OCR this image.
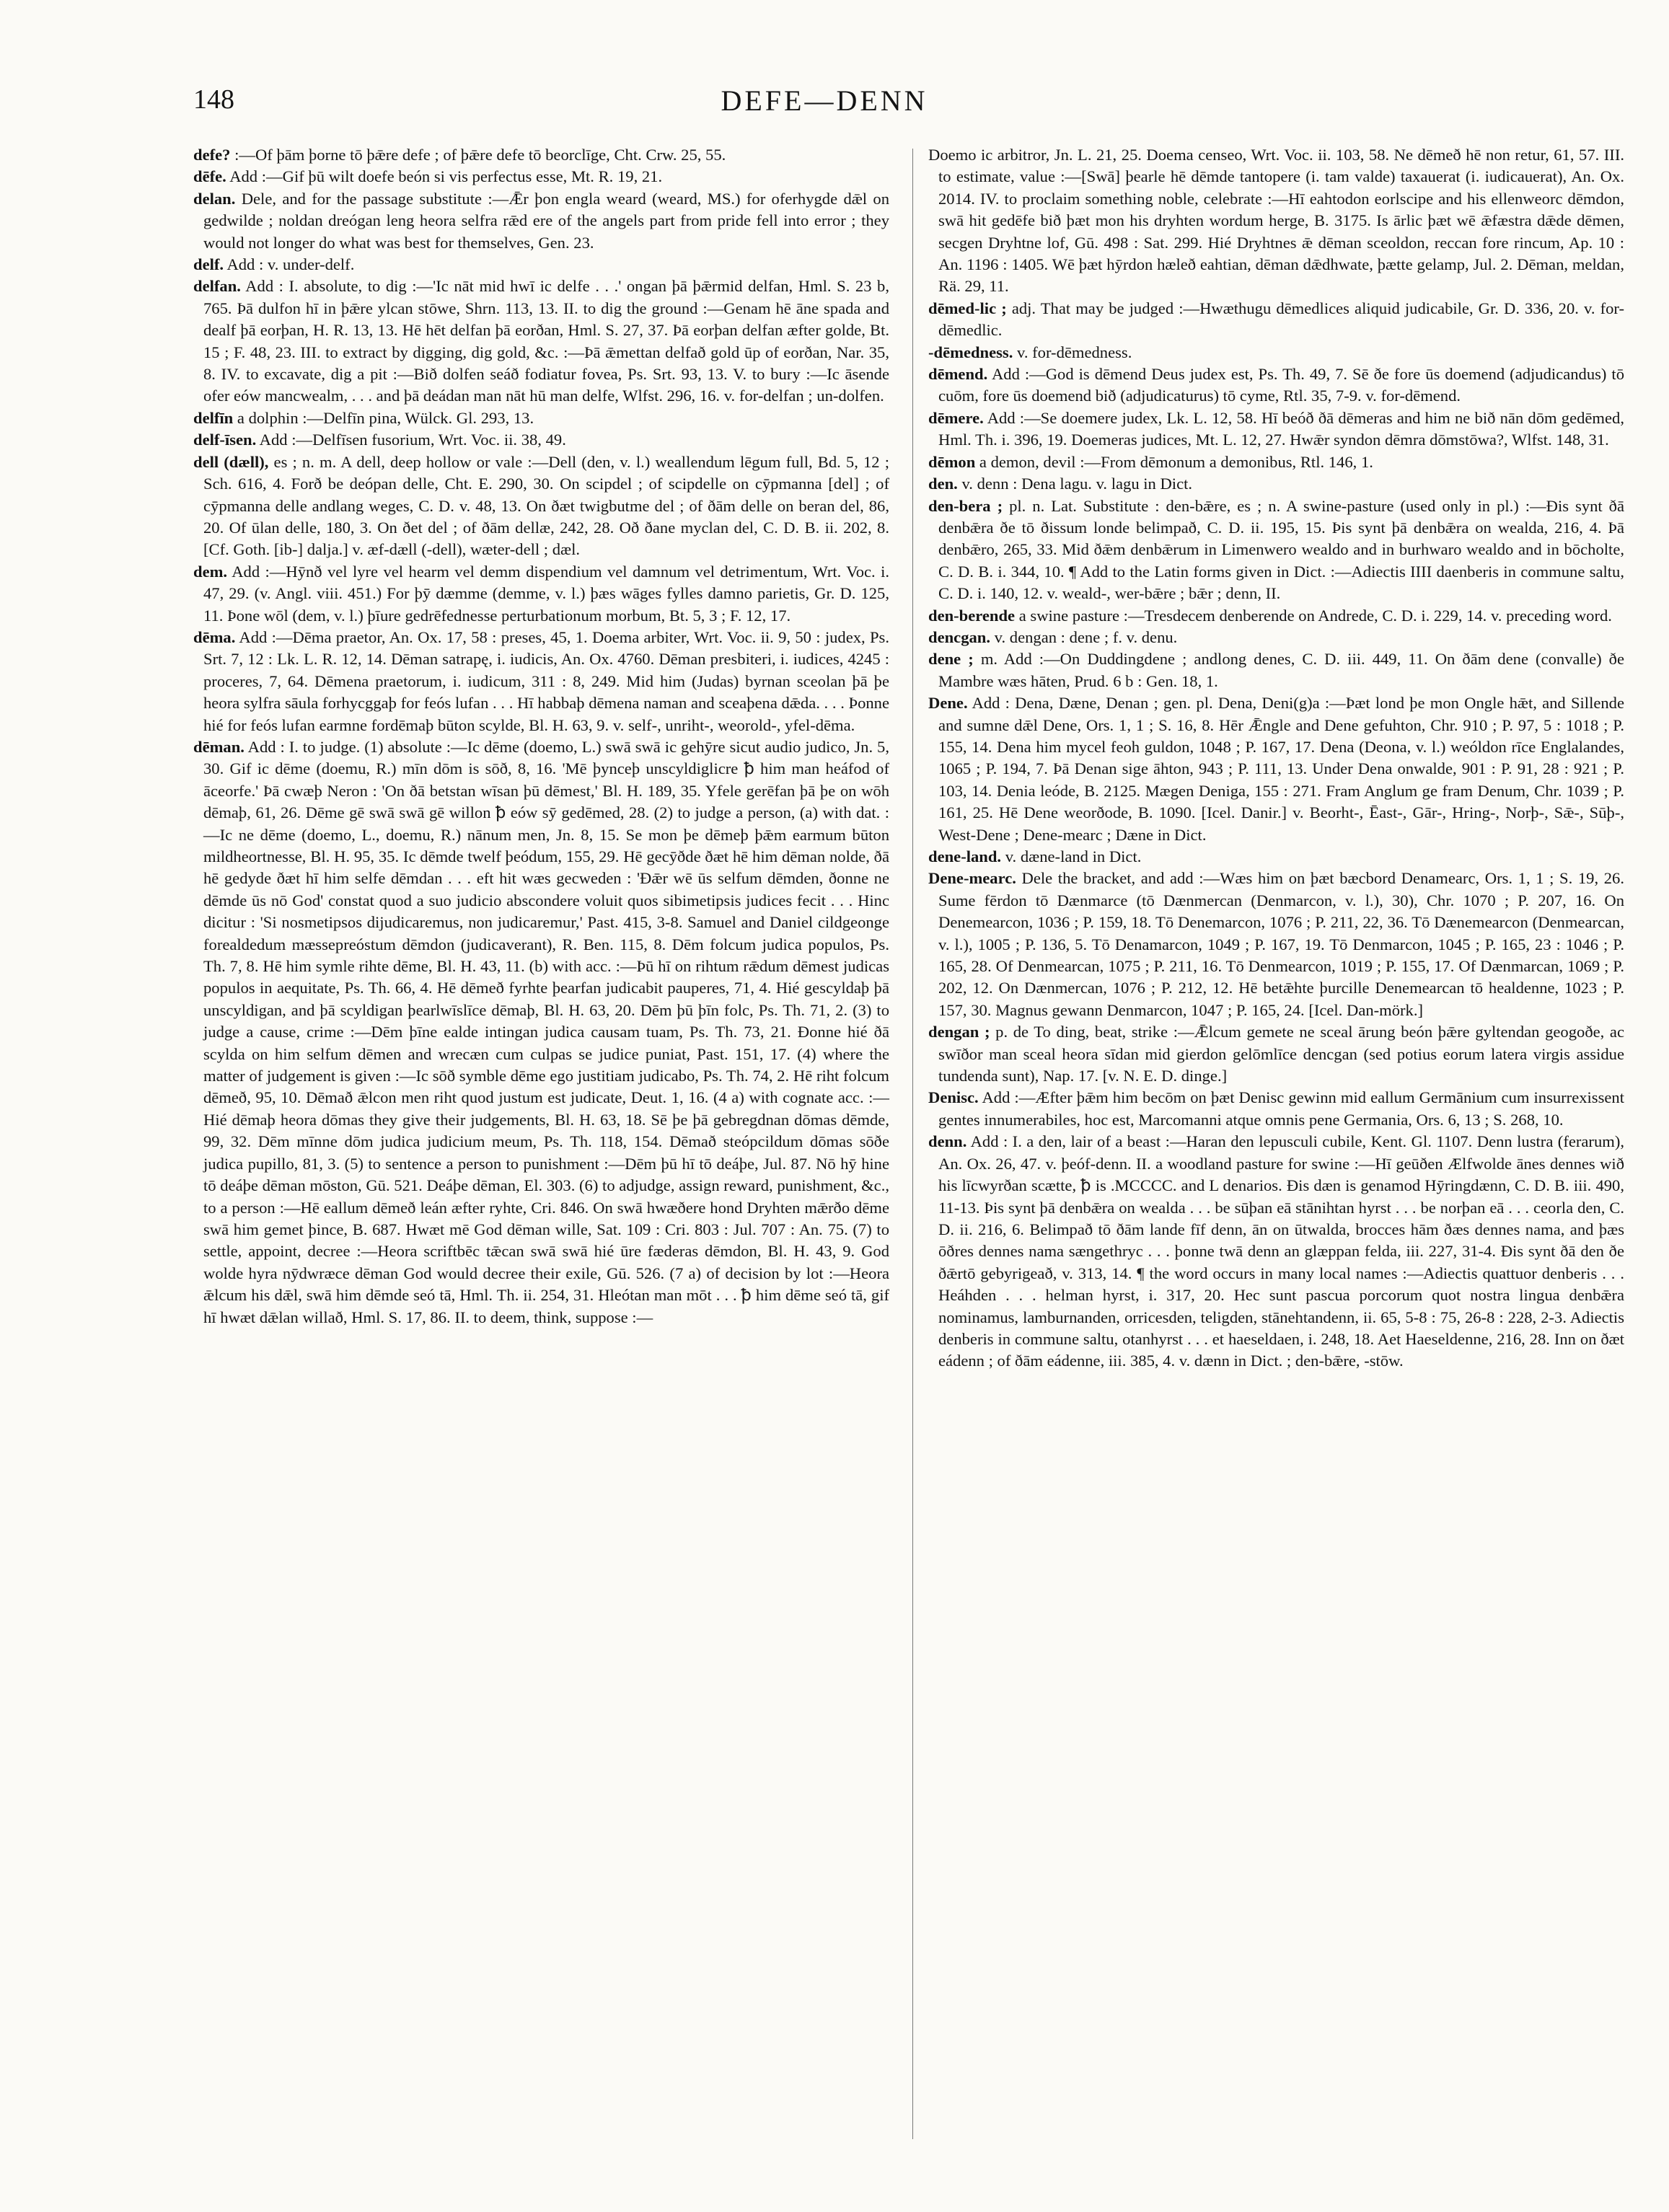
148	DEFE—DENN

defe? :—Of þām þorne tō þǣre defe ; of þǣre defe tō beorclīge, Cht. Crw. 25, 55.

dēfe. Add :—Gif þū wilt doefe beón si vis perfectus esse, Mt. R. 19, 21.

delan. Dele, and for the passage substitute :—Ǣr þon engla weard (weard, MS.) for oferhygde dǣl on gedwilde ; noldan dreógan leng heora selfra rǣd ere of the angels part from pride fell into error ; they would not longer do what was best for themselves, Gen. 23.

delf. Add : v. under-delf.

delfan. Add : I. absolute, to dig :—'Ic nāt mid hwī ic delfe . . .' ongan þā þǣrmid delfan, Hml. S. 23 b, 765. Þā dulfon hī in þǣre ylcan stōwe, Shrn. 113, 13. II. to dig the ground :—Genam hē āne spada and dealf þā eorþan, H. R. 13, 13. Hē hēt delfan þā eorðan, Hml. S. 27, 37. Þā eorþan delfan æfter golde, Bt. 15 ; F. 48, 23. III. to extract by digging, dig gold, &c. :—Þā ǣmettan delfað gold ūp of eorðan, Nar. 35, 8. IV. to excavate, dig a pit :—Bið dolfen seáð fodiatur fovea, Ps. Srt. 93, 13. V. to bury :—Ic āsende ofer eów mancwealm, . . . and þā deádan man nāt hū man delfe, Wlfst. 296, 16. v. for-delfan ; un-dolfen.

delfīn a dolphin :—Delfīn pina, Wülck. Gl. 293, 13.

delf-īsen. Add :—Delfīsen fusorium, Wrt. Voc. ii. 38, 49.

dell (dæll), es ; n. m. A dell, deep hollow or vale :—Dell (den, v. l.) weallendum lēgum full, Bd. 5, 12 ; Sch. 616, 4. Forð be deópan delle, Cht. E. 290, 30. On scipdel ; of scipdelle on cȳpmanna [del] ; of cȳpmanna delle andlang weges, C. D. v. 48, 13. On ðæt twigbutme del ; of ðām delle on beran del, 86, 20. Of ūlan delle, 180, 3. On ðet del ; of ðām dellæ, 242, 28. Oð ðane myclan del, C. D. B. ii. 202, 8. [Cf. Goth. [ib-] dalja.] v. æf-dæll (-dell), wæter-dell ; dæl.

dem. Add :—Hȳnð vel lyre vel hearm vel demm dispendium vel damnum vel detrimentum, Wrt. Voc. i. 47, 29. (v. Angl. viii. 451.) For þȳ dæmme (demme, v. l.) þæs wāges fylles damno parietis, Gr. D. 125, 11. Þone wōl (dem, v. l.) þīure gedrēfednesse perturbationum morbum, Bt. 5, 3 ; F. 12, 17.

dēma. Add :—Dēma praetor, An. Ox. 17, 58 : preses, 45, 1. Doema arbiter, Wrt. Voc. ii. 9, 50 : judex, Ps. Srt. 7, 12 : Lk. L. R. 12, 14. Dēman satrapę, i. iudicis, An. Ox. 4760. Dēman presbiteri, i. iudices, 4245 : proceres, 7, 64. Dēmena praetorum, i. iudicum, 311 : 8, 249. Mid him (Judas) byrnan sceolan þā þe heora sylfra sāula forhycggaþ for feós lufan . . . Hī habbaþ dēmena naman and sceaþena dǣda. . . . Þonne hié for feós lufan earmne fordēmaþ būton scylde, Bl. H. 63, 9. v. self-, unriht-, weorold-, yfel-dēma.

dēman. Add : I. to judge. (1) absolute :—Ic dēme (doemo, L.) swā swā ic gehȳre sicut audio judico, Jn. 5, 30. Gif ic dēme (doemu, R.) mīn dōm is sōð, 8, 16. 'Mē þynceþ unscyldiglicre ꝥ him man heáfod of āceorfe.' Þā cwæþ Neron : 'On ðā betstan wīsan þū dēmest,' Bl. H. 189, 35. Yfele gerēfan þā þe on wōh dēmaþ, 61, 26. Dēme gē swā swā gē willon ꝥ eów sȳ gedēmed, 28. (2) to judge a person, (a) with dat. :—Ic ne dēme (doemo, L., doemu, R.) nānum men, Jn. 8, 15. Se mon þe dēmeþ þǣm earmum būton mildheortnesse, Bl. H. 95, 35. Ic dēmde twelf þeódum, 155, 29. Hē gecȳðde ðæt hē him dēman nolde, ðā hē gedyde ðæt hī him selfe dēmdan . . . eft hit wæs gecweden : 'Ðǣr wē ūs selfum dēmden, ðonne ne dēmde ūs nō God' constat quod a suo judicio abscondere voluit quos sibimetipsis judices fecit . . . Hinc dicitur : 'Si nosmetipsos dijudicaremus, non judicaremur,' Past. 415, 3-8. Samuel and Daniel cildgeonge forealdedum mæssepreóstum dēmdon (judicaverant), R. Ben. 115, 8. Dēm folcum judica populos, Ps. Th. 7, 8. Hē him symle rihte dēme, Bl. H. 43, 11. (b) with acc. :—Þū hī on rihtum rǣdum dēmest judicas populos in aequitate, Ps. Th. 66, 4. Hē dēmeð fyrhte þearfan judicabit pauperes, 71, 4. Hié gescyldaþ þā unscyldigan, and þā scyldigan þearlwīslīce dēmaþ, Bl. H. 63, 20. Dēm þū þīn folc, Ps. Th. 71, 2. (3) to judge a cause, crime :—Dēm þīne ealde intingan judica causam tuam, Ps. Th. 73, 21. Ðonne hié ðā scylda on him selfum dēmen and wrecæn cum culpas se judice puniat, Past. 151, 17. (4) where the matter of judgement is given :—Ic sōð symble dēme ego justitiam judicabo, Ps. Th. 74, 2. Hē riht folcum dēmeð, 95, 10. Dēmað ǣlcon men riht quod justum est judicate, Deut. 1, 16. (4 a) with cognate acc. :—Hié dēmaþ heora dōmas they give their judgements, Bl. H. 63, 18. Sē þe þā gebregdnan dōmas dēmde, 99, 32. Dēm mīnne dōm judica judicium meum, Ps. Th. 118, 154. Dēmað steópcildum dōmas sōðe judica pupillo, 81, 3. (5) to sentence a person to punishment :—Dēm þū hī tō deáþe, Jul. 87. Nō hȳ hine tō deáþe dēman mōston, Gū. 521. Deáþe dēman, El. 303. (6) to adjudge, assign reward, punishment, &c., to a person :—Hē eallum dēmeð leán æfter ryhte, Cri. 846. On swā hwæðere hond Dryhten mǣrðo dēme swā him gemet þince, B. 687. Hwæt mē God dēman wille, Sat. 109 : Cri. 803 : Jul. 707 : An. 75. (7) to settle, appoint, decree :—Heora scriftbēc tǣcan swā swā hié ūre fæderas dēmdon, Bl. H. 43, 9. God wolde hyra nȳdwræce dēman God would decree their exile, Gū. 526. (7 a) of decision by lot :—Heora ǣlcum his dǣl, swā him dēmde seó tā, Hml. Th. ii. 254, 31. Hleótan man mōt . . . ꝥ him dēme seó tā, gif hī hwæt dǣlan willað, Hml. S. 17, 86. II. to deem, think, suppose :—

Doemo ic arbitror, Jn. L. 21, 25. Doema censeo, Wrt. Voc. ii. 103, 58. Ne dēmeð hē non retur, 61, 57. III. to estimate, value :—[Swā] þearle hē dēmde tantopere (i. tam valde) taxauerat (i. iudicauerat), An. Ox. 2014. IV. to proclaim something noble, celebrate :—Hī eahtodon eorlscipe and his ellenweorc dēmdon, swā hit gedēfe bið þæt mon his dryhten wordum herge, B. 3175. Is ārlic þæt wē ǣfæstra dǣde dēmen, secgen Dryhtne lof, Gū. 498 : Sat. 299. Hié Dryhtnes ǣ dēman sceoldon, reccan fore rincum, Ap. 10 : An. 1196 : 1405. Wē þæt hȳrdon hæleð eahtian, dēman dǣdhwate, þætte gelamp, Jul. 2. Dēman, meldan, Rä. 29, 11.

dēmed-lic ; adj. That may be judged :—Hwæthugu dēmedlices aliquid judicabile, Gr. D. 336, 20. v. for-dēmedlic.

-dēmedness. v. for-dēmedness.

dēmend. Add :—God is dēmend Deus judex est, Ps. Th. 49, 7. Sē ðe fore ūs doemend (adjudicandus) tō cuōm, fore ūs doemend bið (adjudicaturus) tō cyme, Rtl. 35, 7-9. v. for-dēmend.

dēmere. Add :—Se doemere judex, Lk. L. 12, 58. Hī beóð ðā dēmeras and him ne bið nān dōm gedēmed, Hml. Th. i. 396, 19. Doemeras judices, Mt. L. 12, 27. Hwǣr syndon dēmra dōmstōwa?, Wlfst. 148, 31.

dēmon a demon, devil :—From dēmonum a demonibus, Rtl. 146, 1.

den. v. denn : Dena lagu. v. lagu in Dict.

den-bera ; pl. n. Lat. Substitute : den-bǣre, es ; n. A swine-pasture (used only in pl.) :—Ðis synt ðā denbǣra ðe tō ðissum londe belimpað, C. D. ii. 195, 15. Þis synt þā denbǣra on wealda, 216, 4. Þā denbǣro, 265, 33. Mid ðǣm denbǣrum in Limenwero wealdo and in burhwaro wealdo and in bōcholte, C. D. B. i. 344, 10. ¶ Add to the Latin forms given in Dict. :—Adiectis IIII daenberis in commune saltu, C. D. i. 140, 12. v. weald-, wer-bǣre ; bǣr ; denn, II.

den-berende a swine pasture :—Tresdecem denberende on Andrede, C. D. i. 229, 14. v. preceding word.

dencgan. v. dengan : dene ; f. v. denu.

dene ; m. Add :—On Duddingdene ; andlong denes, C. D. iii. 449, 11. On ðām dene (convalle) ðe Mambre wæs hāten, Prud. 6 b : Gen. 18, 1.

Dene. Add : Dena, Dæne, Denan ; gen. pl. Dena, Deni(g)a :—Þæt lond þe mon Ongle hǣt, and Sillende and sumne dǣl Dene, Ors. 1, 1 ; S. 16, 8. Hēr Ǣngle and Dene gefuhton, Chr. 910 ; P. 97, 5 : 1018 ; P. 155, 14. Dena him mycel feoh guldon, 1048 ; P. 167, 17. Dena (Deona, v. l.) weóldon rīce Englalandes, 1065 ; P. 194, 7. Þā Denan sige āhton, 943 ; P. 111, 13. Under Dena onwalde, 901 : P. 91, 28 : 921 ; P. 103, 14. Denia leóde, B. 2125. Mægen Deniga, 155 : 271. Fram Anglum ge fram Denum, Chr. 1039 ; P. 161, 25. Hē Dene weorðode, B. 1090. [Icel. Danir.] v. Beorht-, Ēast-, Gār-, Hring-, Norþ-, Sǣ-, Sūþ-, West-Dene ; Dene-mearc ; Dæne in Dict.

dene-land. v. dæne-land in Dict.

Dene-mearc. Dele the bracket, and add :—Wæs him on þæt bæcbord Denamearc, Ors. 1, 1 ; S. 19, 26. Sume fērdon tō Dænmarce (tō Dænmercan (Denmarcon, v. l.), 30), Chr. 1070 ; P. 207, 16. On Denemearcon, 1036 ; P. 159, 18. Tō Denemarcon, 1076 ; P. 211, 22, 36. Tō Dænemearcon (Denmearcan, v. l.), 1005 ; P. 136, 5. Tō Denamarcon, 1049 ; P. 167, 19. Tō Denmarcon, 1045 ; P. 165, 23 : 1046 ; P. 165, 28. Of Denmearcan, 1075 ; P. 211, 16. Tō Denmearcon, 1019 ; P. 155, 17. Of Dænmarcan, 1069 ; P. 202, 12. On Dænmercan, 1076 ; P. 212, 12. Hē betǣhte þurcille Denemearcan tō healdenne, 1023 ; P. 157, 30. Magnus gewann Denmarcon, 1047 ; P. 165, 24. [Icel. Dan-mörk.]

dengan ; p. de To ding, beat, strike :—Ǣlcum gemete ne sceal ārung beón þǣre gyltendan geogoðe, ac swīðor man sceal heora sīdan mid gierdon gelōmlīce dencgan (sed potius eorum latera virgis assidue tundenda sunt), Nap. 17. [v. N. E. D. dinge.]

Denisc. Add :—Æfter þǣm him becōm on þæt Denisc gewinn mid eallum Germānium cum insurrexissent gentes innumerabiles, hoc est, Marcomanni atque omnis pene Germania, Ors. 6, 13 ; S. 268, 10.

denn. Add : I. a den, lair of a beast :—Haran den lepusculi cubile, Kent. Gl. 1107. Denn lustra (ferarum), An. Ox. 26, 47. v. þeóf-denn. II. a woodland pasture for swine :—Hī geūðen Ælfwolde ānes dennes wið his līcwyrðan scætte, ꝥ is .MCCCC. and L denarios. Ðis dæn is genamod Hȳringdænn, C. D. B. iii. 490, 11-13. Þis synt þā denbǣra on wealda . . . be sūþan eā stānihtan hyrst . . . be norþan eā . . . ceorla den, C. D. ii. 216, 6. Belimpað tō ðām lande fīf denn, ān on ūtwalda, brocces hām ðæs dennes nama, and þæs ōðres dennes nama sængethryc . . . þonne twā denn an glæppan felda, iii. 227, 31-4. Ðis synt ðā den ðe ðǣrtō gebyrigeað, v. 313, 14. ¶ the word occurs in many local names :—Adiectis quattuor denberis . . . Heáhden . . . helman hyrst, i. 317, 20. Hec sunt pascua porcorum quot nostra lingua denbǣra nominamus, lamburnanden, orricesden, teligden, stānehtandenn, ii. 65, 5-8 : 75, 26-8 : 228, 2-3. Adiectis denberis in commune saltu, otanhyrst . . . et haeseldaen, i. 248, 18. Aet Haeseldenne, 216, 28. Inn on ðæt eádenn ; of ðām eádenne, iii. 385, 4. v. dænn in Dict. ; den-bǣre, -stōw.
